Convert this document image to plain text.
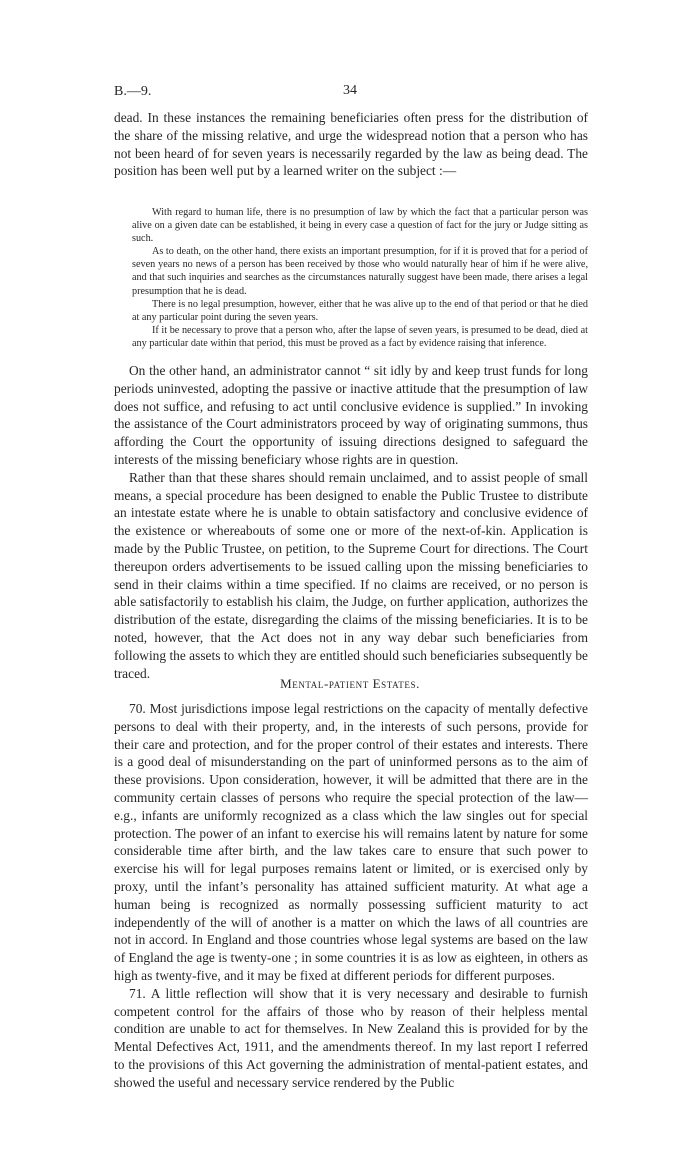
B.—9.	34

dead. In these instances the remaining beneficiaries often press for the distribution of the share of the missing relative, and urge the widespread notion that a person who has not been heard of for seven years is necessarily regarded by the law as being dead. The position has been well put by a learned writer on the subject :—

With regard to human life, there is no presumption of law by which the fact that a particular person was alive on a given date can be established, it being in every case a question of fact for the jury or Judge sitting as such.

As to death, on the other hand, there exists an important presumption, for if it is proved that for a period of seven years no news of a person has been received by those who would naturally hear of him if he were alive, and that such inquiries and searches as the circumstances naturally suggest have been made, there arises a legal presumption that he is dead.

There is no legal presumption, however, either that he was alive up to the end of that period or that he died at any particular point during the seven years.

If it be necessary to prove that a person who, after the lapse of seven years, is presumed to be dead, died at any particular date within that period, this must be proved as a fact by evidence raising that inference.

On the other hand, an administrator cannot “ sit idly by and keep trust funds for long periods uninvested, adopting the passive or inactive attitude that the presumption of law does not suffice, and refusing to act until conclusive evidence is supplied.” In invoking the assistance of the Court administrators proceed by way of originating summons, thus affording the Court the opportunity of issuing directions designed to safeguard the interests of the missing beneficiary whose rights are in question.

Rather than that these shares should remain unclaimed, and to assist people of small means, a special procedure has been designed to enable the Public Trustee to distribute an intestate estate where he is unable to obtain satisfactory and conclusive evidence of the existence or whereabouts of some one or more of the next-of-kin. Application is made by the Public Trustee, on petition, to the Supreme Court for directions. The Court thereupon orders advertisements to be issued calling upon the missing beneficiaries to send in their claims within a time specified. If no claims are received, or no person is able satisfactorily to establish his claim, the Judge, on further application, authorizes the distribution of the estate, disregarding the claims of the missing beneficiaries. It is to be noted, however, that the Act does not in any way debar such beneficiaries from following the assets to which they are entitled should such beneficiaries subsequently be traced.

Mental-patient Estates.

70. Most jurisdictions impose legal restrictions on the capacity of mentally defective persons to deal with their property, and, in the interests of such persons, provide for their care and protection, and for the proper control of their estates and interests. There is a good deal of misunderstanding on the part of uninformed persons as to the aim of these provisions. Upon consideration, however, it will be admitted that there are in the community certain classes of persons who require the special protection of the law—e.g., infants are uniformly recognized as a class which the law singles out for special protection. The power of an infant to exercise his will remains latent by nature for some considerable time after birth, and the law takes care to ensure that such power to exercise his will for legal purposes remains latent or limited, or is exercised only by proxy, until the infant’s personality has attained sufficient maturity. At what age a human being is recognized as normally possessing sufficient maturity to act independently of the will of another is a matter on which the laws of all countries are not in accord. In England and those countries whose legal systems are based on the law of England the age is twenty-one ; in some countries it is as low as eighteen, in others as high as twenty-five, and it may be fixed at different periods for different purposes.

71. A little reflection will show that it is very necessary and desirable to furnish competent control for the affairs of those who by reason of their helpless mental condition are unable to act for themselves. In New Zealand this is provided for by the Mental Defectives Act, 1911, and the amendments thereof. In my last report I referred to the provisions of this Act governing the administration of mental-patient estates, and showed the useful and necessary service rendered by the Public
